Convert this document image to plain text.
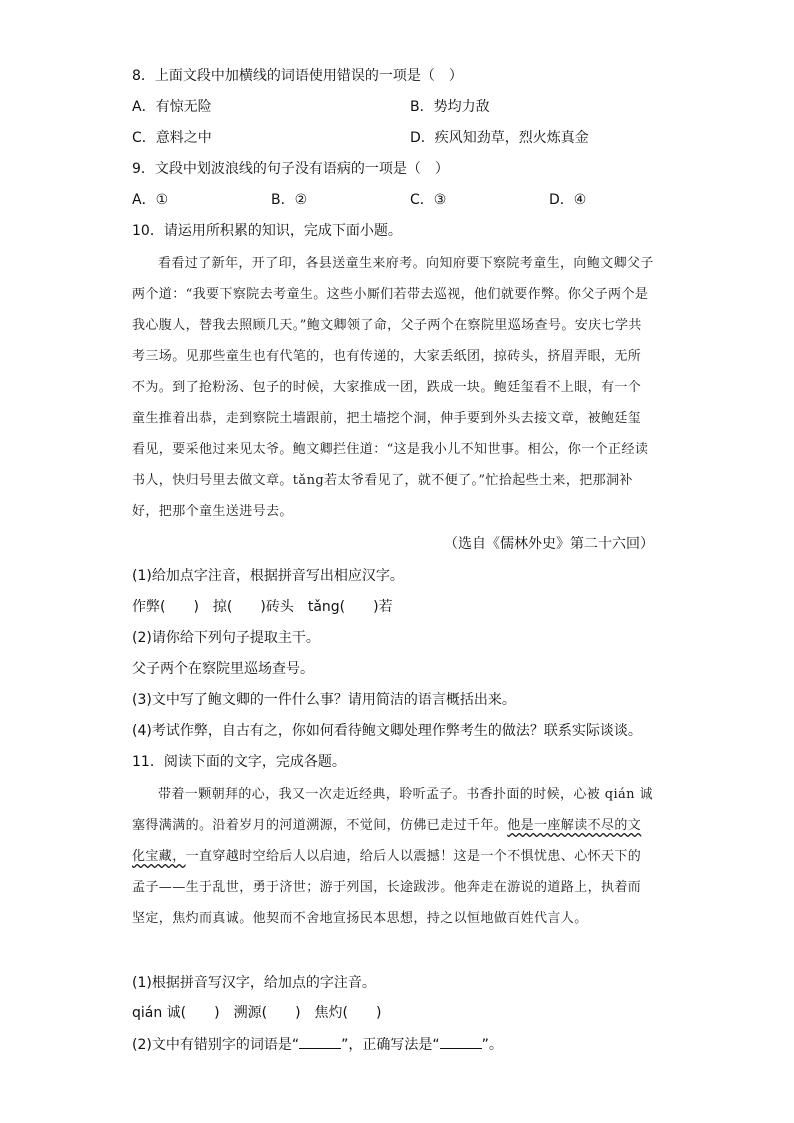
8．上面文段中加横线的词语使用错误的一项是（　）
A．有惊无险	B．势均力敌
C．意料之中	D．疾风知劲草，烈火炼真金
9．文段中划波浪线的句子没有语病的一项是（　）
A．①	B．②	C．③	D．④
10．请运用所积累的知识，完成下面小题。
看看过了新年，开了印，各县送童生来府考。向知府要下察院考童生，向鲍文卿父子两个道：“我要下察院去考童生。这些小厮们若带去巡视，他们就要作弊。你父子两个是我心腹人，替我去照顾几天。”鲍文卿领了命，父子两个在察院里巡场查号。安庆七学共考三场。见那些童生也有代笔的，也有传递的，大家丢纸团，掠砖头，挤眉弄眼，无所不为。到了抢粉汤、包子的时候，大家推成一团，跌成一块。鲍廷玺看不上眼，有一个童生推着出恭，走到察院土墙跟前，把土墙挖个洞，伸手要到外头去接文章，被鲍廷玺看见，要采他过来见太爷。鲍文卿拦住道：“这是我小儿不知世事。相公，你一个正经读书人，快归号里去做文章。tǎng若太爷看见了，就不便了。”忙拾起些土来，把那洞补好，把那个童生送进号去。
（选自《儒林外史》第二十六回）
(1)给加点字注音，根据拼音写出相应汉字。
作弊(　　)　掠(　　)砖头　tǎng(　　)若
(2)请你给下列句子提取主干。
父子两个在察院里巡场查号。
(3)文中写了鲍文卿的一件什么事？请用简洁的语言概括出来。
(4)考试作弊，自古有之，你如何看待鲍文卿处理作弊考生的做法？联系实际谈谈。
11．阅读下面的文字，完成各题。
带着一颗朝拜的心，我又一次走近经典，聆听孟子。书香扑面的时候，心被 qián 诚塞得满满的。沿着岁月的河道溯源，不觉间，仿佛已走过千年。他是一座解读不尽的文化宝藏，一直穿越时空给后人以启迪，给后人以震撼！这是一个不惧忧患、心怀天下的孟子——生于乱世，勇于济世；游于列国，长途跋涉。他奔走在游说的道路上，执着而坚定，焦灼而真诚。他契而不舍地宣扬民本思想，持之以恒地做百姓代言人。
(1)根据拼音写汉字，给加点的字注音。
qián 诚(　　)　溯源(　　)　焦灼(　　)
(2)文中有错别字的词语是“	”，正确写法是“	”。
